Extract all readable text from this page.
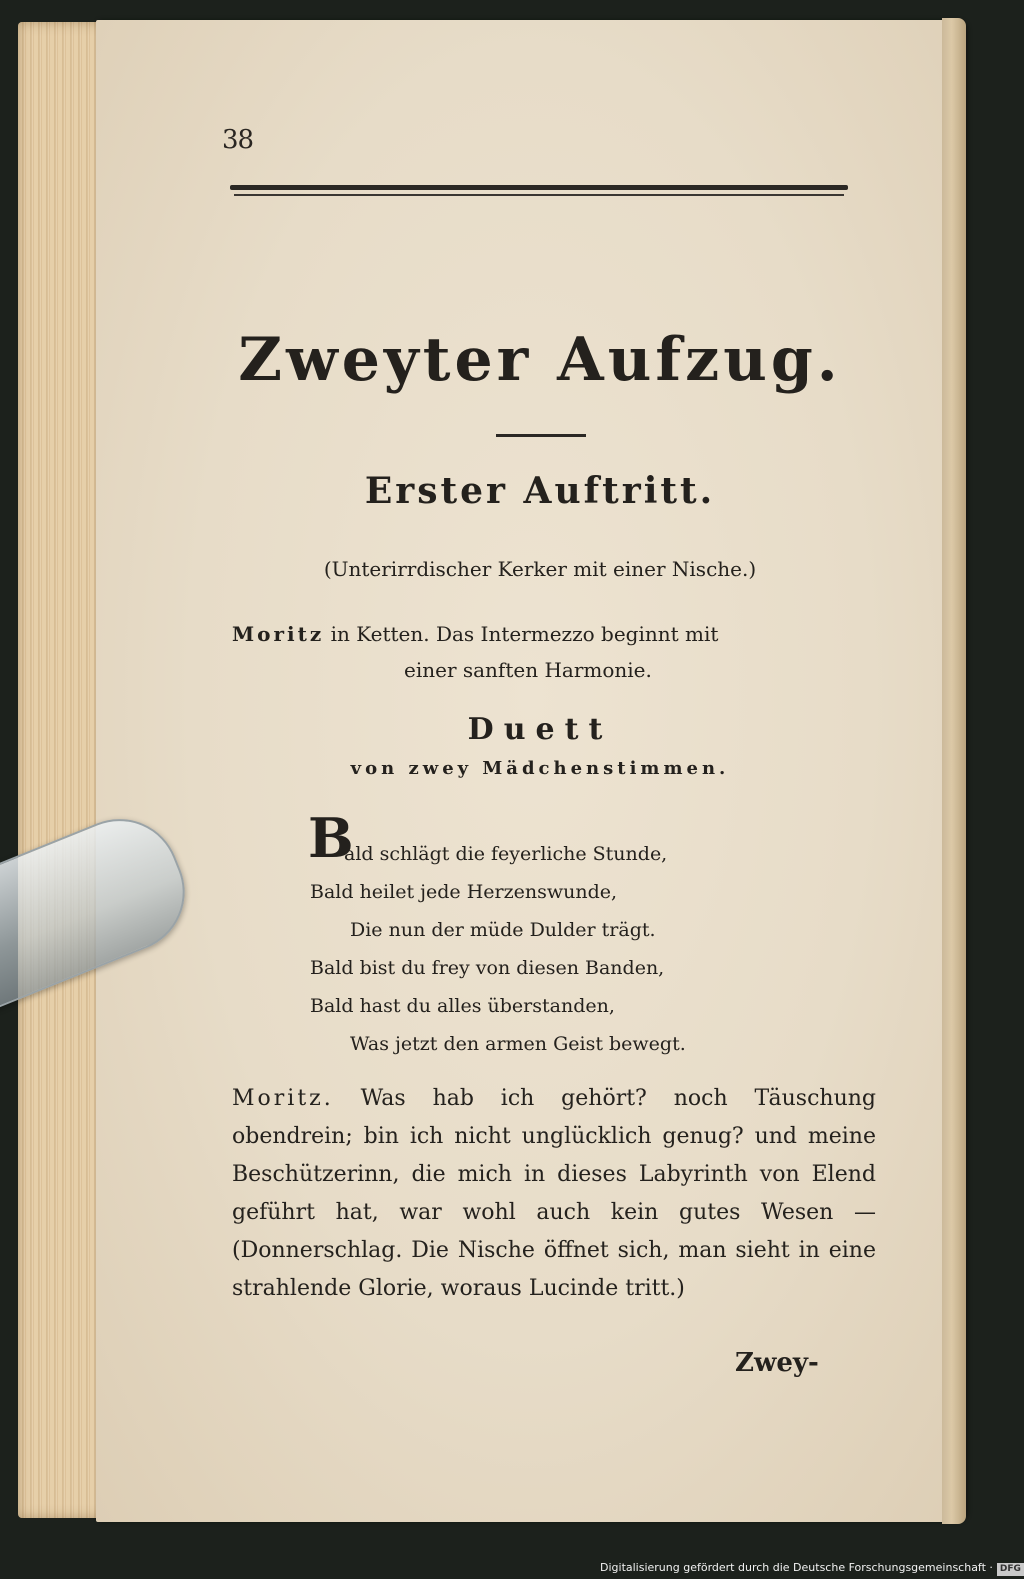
38
Zweyter Aufzug.
Erster Auftritt.
(Unterirrdischer Kerker mit einer Nische.)
Moritz in Ketten. Das Intermezzo beginnt mit
einer sanften Harmonie.
Duett
von zwey Mädchenstimmen.
B
ald schlägt die feyerliche Stunde,
Bald heilet jede Herzenswunde,
Die nun der müde Dulder trägt.
Bald bist du frey von diesen Banden,
Bald hast du alles überstanden,
Was jetzt den armen Geist bewegt.
Moritz. Was hab ich gehört? noch Täuschung obendrein; bin ich nicht unglücklich genug? und meine Beschützerinn, die mich in dieses Labyrinth von Elend geführt hat, war wohl auch kein gutes Wesen — (Donnerschlag. Die Nische öffnet sich, man sieht in eine strahlende Glorie, woraus Lucinde tritt.)
Zwey-
Digitalisierung gefördert durch die Deutsche Forschungsgemeinschaft · DFG
